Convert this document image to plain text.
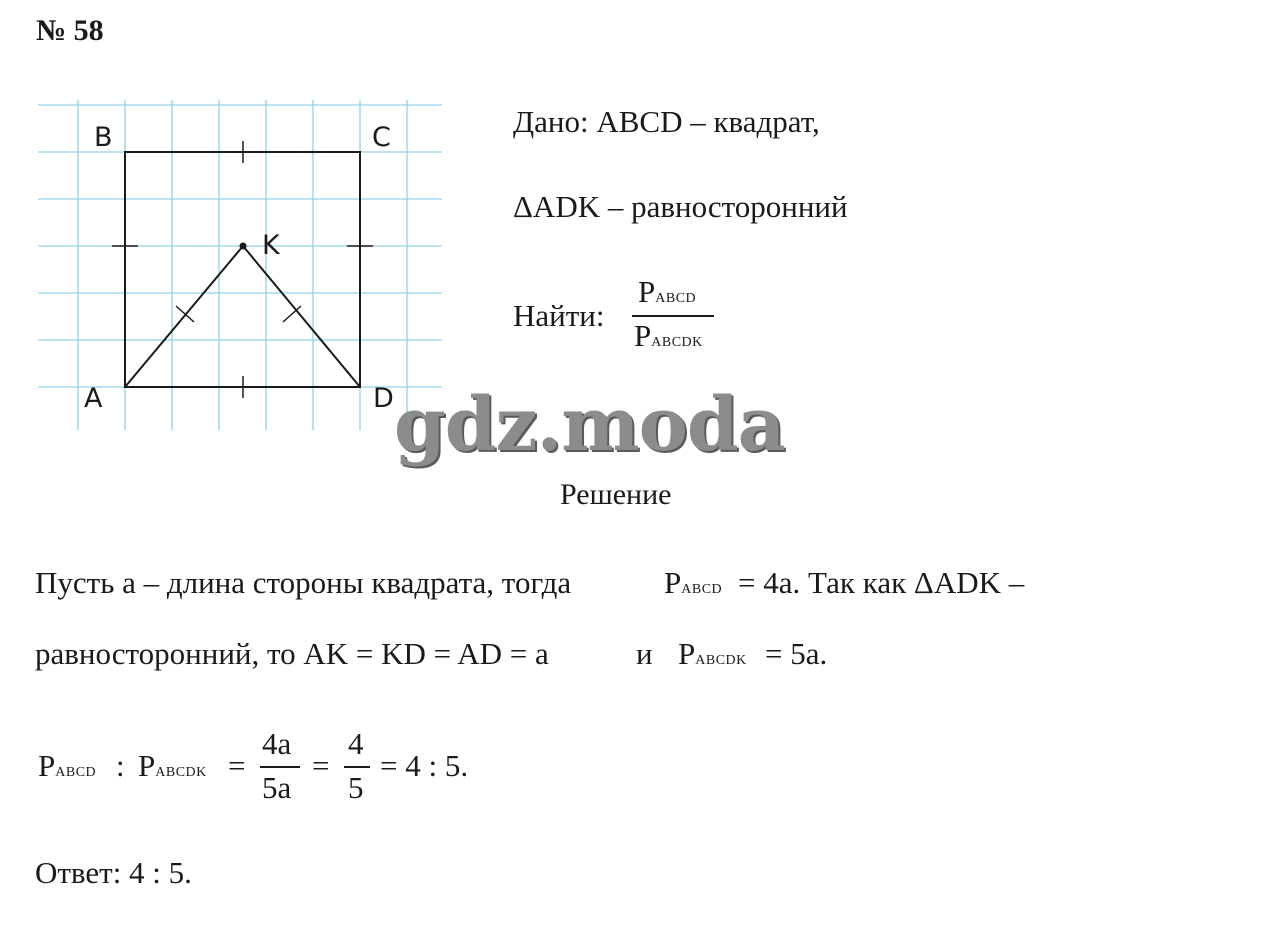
№ 58
B	C
K
A	D
Дано: ABCD – квадрат,
ΔADK – равносторонний
Найти:
PABCD
PABCDK
gdz.moda
Решение
Пусть a – длина стороны квадрата, тогда	PABCD = 4a. Так как ΔADK –
равносторонний, то AK = KD = AD = a	и PABCDK = 5a.
PABCD : PABCDK =
4a
5a
=
4
5
= 4 : 5.
Ответ: 4 : 5.
